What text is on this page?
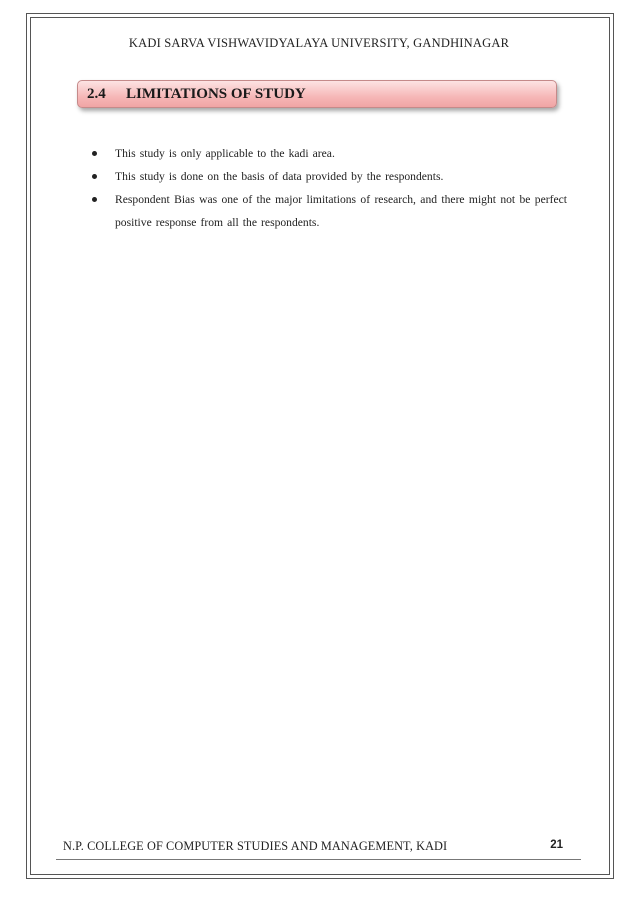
KADI SARVA VISHWAVIDYALAYA UNIVERSITY, GANDHINAGAR
2.4 LIMITATIONS OF STUDY
This study is only applicable to the kadi area.
This study is done on the basis of data provided by the respondents.
Respondent Bias was one of the major limitations of research, and there might not be perfect positive response from all the respondents.
N.P. COLLEGE OF COMPUTER STUDIES AND MANAGEMENT, KADI	21
